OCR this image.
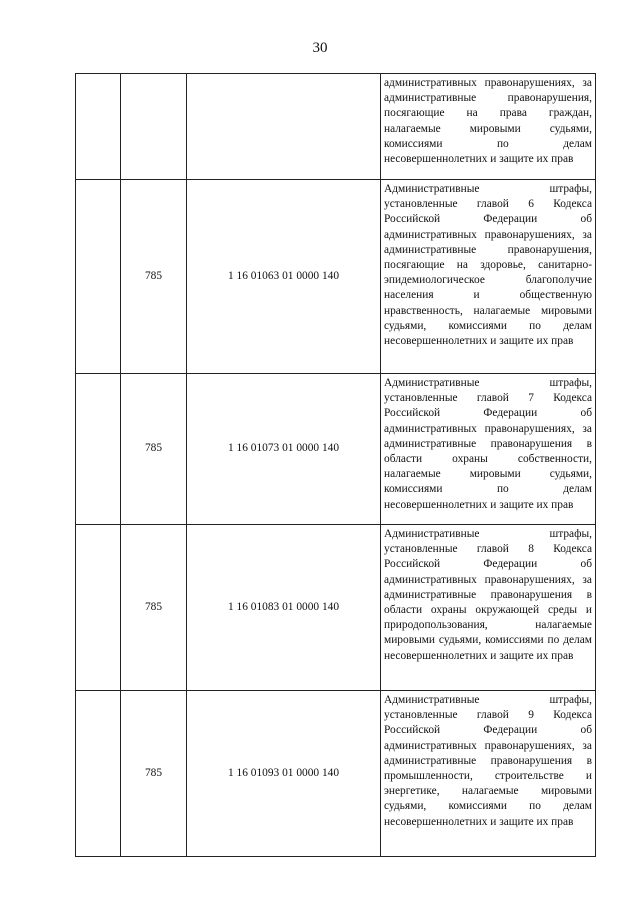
30
			административных правонарушениях, за административные правонарушения, посягающие на права граждан, налагаемые мировыми судьями, комиссиями по делам несовершеннолетних и защите их прав
	785	1 16 01063 01 0000 140	Административные штрафы, установленные главой 6 Кодекса Российской Федерации об административных правонарушениях, за административные правонарушения, посягающие на здоровье, санитарно-эпидемиологическое благополучие населения и общественную нравственность, налагаемые мировыми судьями, комиссиями по делам несовершеннолетних и защите их прав
	785	1 16 01073 01 0000 140	Административные штрафы, установленные главой 7 Кодекса Российской Федерации об административных правонарушениях, за административные правонарушения в области охраны собственности, налагаемые мировыми судьями, комиссиями по делам несовершеннолетних и защите их прав
	785	1 16 01083 01 0000 140	Административные штрафы, установленные главой 8 Кодекса Российской Федерации об административных правонарушениях, за административные правонарушения в области охраны окружающей среды и природопользования, налагаемые мировыми судьями, комиссиями по делам несовершеннолетних и защите их прав
	785	1 16 01093 01 0000 140	Административные штрафы, установленные главой 9 Кодекса Российской Федерации об административных правонарушениях, за административные правонарушения в промышленности, строительстве и энергетике, налагаемые мировыми судьями, комиссиями по делам несовершеннолетних и защите их прав
